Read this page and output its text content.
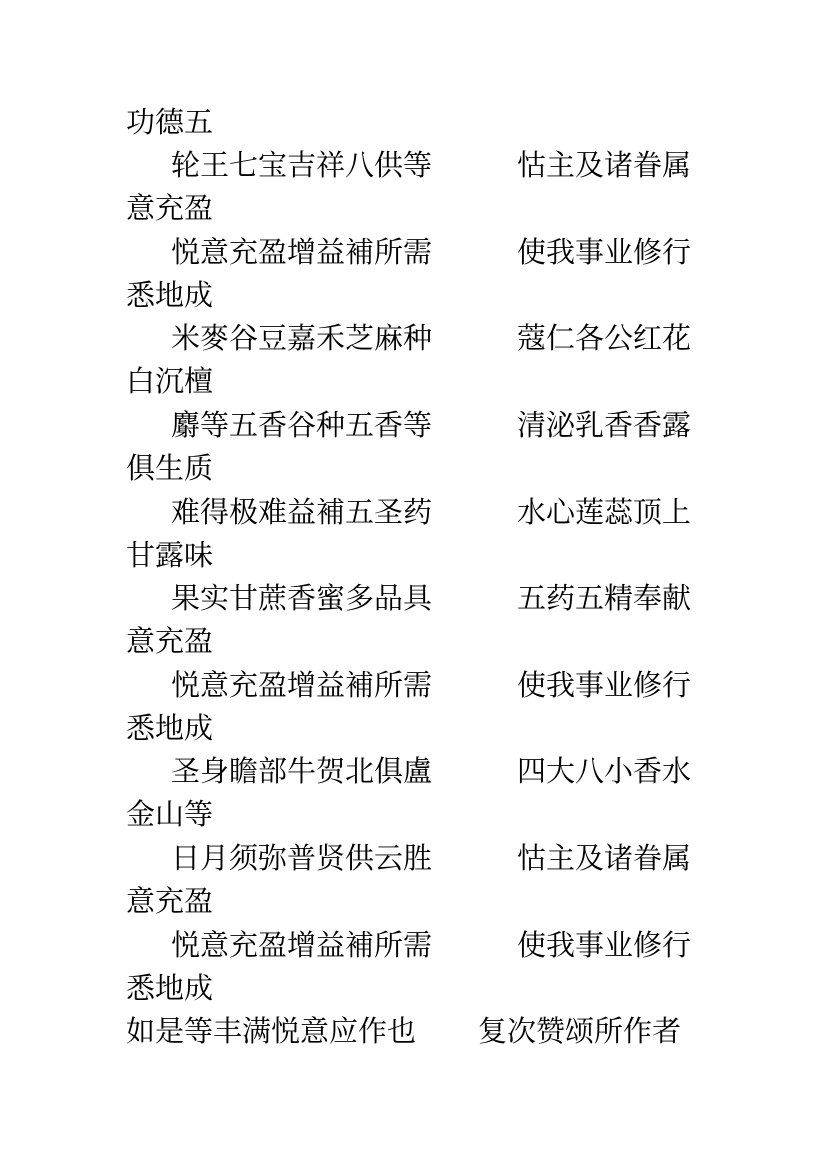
功德五
轮王七宝吉祥八供等	怙主及诸眷属
意充盈
悦意充盈增益補所需	使我事业修行
悉地成
米麥谷豆嘉禾芝麻种	蔻仁各公红花
白沉檀
麝等五香谷种五香等	清泌乳香香露
俱生质
难得极难益補五圣药	水心莲蕊顶上
甘露味
果实甘蔗香蜜多品具	五药五精奉献
意充盈
悦意充盈增益補所需	使我事业修行
悉地成
圣身瞻部牛贺北俱盧	四大八小香水
金山等
日月须弥普贤供云胜	怙主及诸眷属
意充盈
悦意充盈增益補所需	使我事业修行
悉地成
如是等丰满悦意应作也 复次赞颂所作者
